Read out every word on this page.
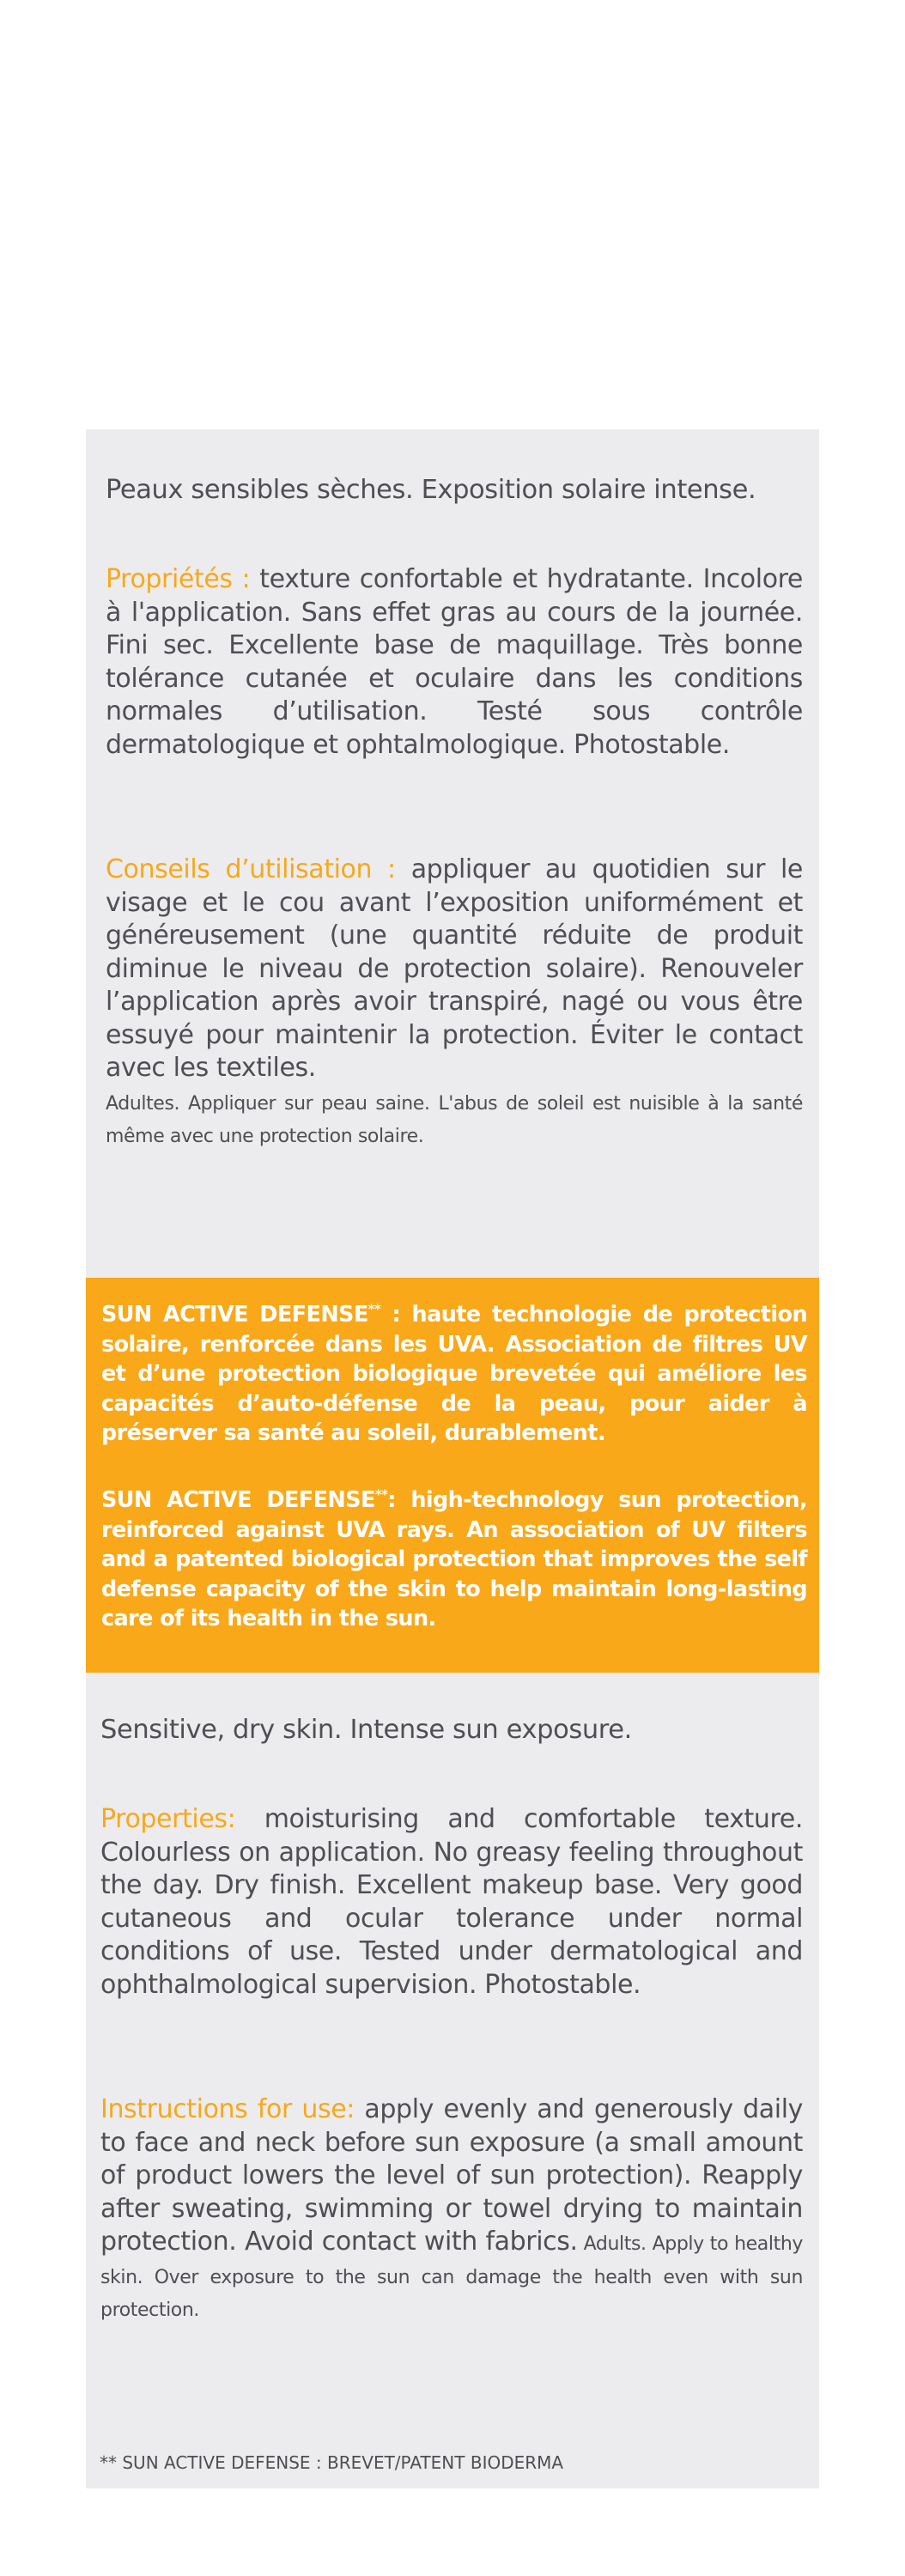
Peaux sensibles sèches. Exposition solaire intense.

Propriétés : texture confortable et hydratante. Incolore à l'application. Sans effet gras au cours de la journée. Fini sec. Excellente base de maquillage. Très bonne tolérance cutanée et oculaire dans les conditions normales d’utilisation. Testé sous contrôle dermatologique et ophtalmologique. Photostable.

Conseils d’utilisation : appliquer au quotidien sur le visage et le cou avant l’exposition uniformément et généreusement (une quantité réduite de produit diminue le niveau de protection solaire). Renouveler l’application après avoir transpiré, nagé ou vous être essuyé pour maintenir la protection. Éviter le contact avec les textiles.
Adultes. Appliquer sur peau saine. L'abus de soleil est nuisible à la santé même avec une protection solaire.

SUN ACTIVE DEFENSE** : haute technologie de protection solaire, renforcée dans les UVA. Association de filtres UV et d’une protection biologique brevetée qui améliore les capacités d’auto-défense de la peau, pour aider à préserver sa santé au soleil, durablement.

SUN ACTIVE DEFENSE**: high-technology sun protection, reinforced against UVA rays. An association of UV filters and a patented biological protection that improves the self defense capacity of the skin to help maintain long-lasting care of its health in the sun.

Sensitive, dry skin. Intense sun exposure.

Properties: moisturising and comfortable texture. Colourless on application. No greasy feeling throughout the day. Dry finish. Excellent makeup base. Very good cutaneous and ocular tolerance under normal conditions of use. Tested under dermatological and ophthalmological supervision. Photostable.

Instructions for use: apply evenly and generously daily to face and neck before sun exposure (a small amount of product lowers the level of sun protection). Reapply after sweating, swimming or towel drying to maintain protection. Avoid contact with fabrics. Adults. Apply to healthy skin. Over exposure to the sun can damage the health even with sun protection.

** SUN ACTIVE DEFENSE : BREVET/PATENT BIODERMA
